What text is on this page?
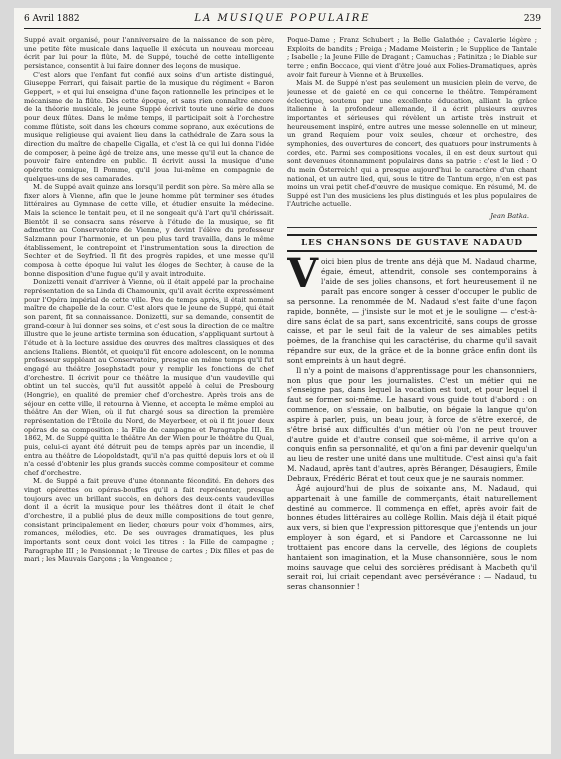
6 Avril 1882	LA MUSIQUE POPULAIRE	239

Suppé avait organisé, pour l'anniversaire de la naissance de son père, une petite fête musicale dans laquelle il exécuta un nouveau morceau écrit par lui pour la flûte, M. de Suppé, touché de cette intelligente persistance, consentit à lui faire donner des leçons de musique.

C'est alors que l'enfant fut confié aux soins d'un artiste distingué, Giuseppe Ferrari, qui faisait partie de la musique du régiment « Baron Geppert, » et qui lui enseigna d'une façon rationnelle les principes et le mécanisme de la flûte. Dès cette époque, et sans rien connaître encore de la théorie musicale, le jeune Suppé écrivit toute une série de duos pour deux flûtes. Dans le même temps, il participait soit à l'orchestre comme flûtiste, soit dans les chœurs comme soprano, aux exécutions de musique religieuse qui avaient lieu dans la cathédrale de Zara sous la direction du maître de chapelle Cigalla, et c'est là ce qui lui donna l'idée de composer, à peine âgé de treize ans, une messe qu'il eut la chance de pouvoir faire entendre en public. Il écrivit aussi la musique d'une opérette comique, Il Pomme, qu'il joua lui-même en compagnie de quelques-uns de ses camarades.

M. de Suppé avait quinze ans lorsqu'il perdit son père. Sa mère alla se fixer alors à Vienne, afin que le jeune homme pût terminer ses études littéraires au Gymnase de cette ville, et étudier ensuite la médecine. Mais la science le tentait peu, et il ne songeait qu'à l'art qu'il chérissait. Bientôt il se consacra sans réserve à l'étude de la musique, se fit admettre au Conservatoire de Vienne, y devint l'élève du professeur Salzmann pour l'harmonie, et un peu plus tard travailla, dans le même établissement, le contrepoint et l'instrumentation sous la direction de Sechter et de Seyfried. Il fit des progrès rapides, et une messe qu'il composa à cette époque lui valut les éloges de Sechter, à cause de la bonne disposition d'une fugue qu'il y avait introduite.

Donizetti venait d'arriver à Vienne, où il était appelé par la prochaine représentation de sa Linda di Chamounix, qu'il avait écrite expressément pour l'Opéra impérial de cette ville. Peu de temps après, il était nommé maître de chapelle de la cour. C'est alors que le jeune de Suppé, qui était son parent, fit sa connaissance. Donizetti, sur sa demande, consentit de grand-cœur à lui donner ses soins, et c'est sous la direction de ce maître illustre que le jeune artiste termina son éducation, s'appliquant surtout à l'étude et à la lecture assidue des œuvres des maîtres classiques et des anciens Italiens. Bientôt, et quoiqu'il fût encore adolescent, on le nomma professeur suppléant au Conservatoire, presque en même temps qu'il fut engagé au théâtre Josephstadt pour y remplir les fonctions de chef d'orchestre. Il écrivit pour ce théâtre la musique d'un vaudeville qui obtint un tel succès, qu'il fut aussitôt appelé à celui de Presbourg (Hongrie), en qualité de premier chef d'orchestre. Après trois ans de séjour en cette ville, il retourna à Vienne, et accepta le même emploi au théâtre An der Wien, où il fut chargé sous sa direction la première représentation de l'Étoile du Nord, de Meyerbeer, et où il fit jouer deux opéras de sa composition : la Fille de campagne et Paragraphe III. En 1862, M. de Suppé quitta le théâtre An der Wien pour le théâtre du Quai, puis, celui-ci ayant été détruit peu de temps après par un incendie, il entra au théâtre de Léopoldstadt, qu'il n'a pas quitté depuis lors et où il n'a cessé d'obtenir les plus grands succès comme compositeur et comme chef d'orchestre.

M. de Suppé a fait preuve d'une étonnante fécondité. En dehors des vingt opérettes ou opéras-bouffes qu'il a fait représenter, presque toujours avec un brillant succès, en dehors des deux-cents vaudevilles dont il a écrit la musique pour les théâtres dont il était le chef d'orchestre, il a publié plus de deux mille compositions de tout genre, consistant principalement en lieder, chœurs pour voix d'hommes, airs, romances, mélodies, etc. De ses ouvrages dramatiques, les plus importants sont ceux dont voici les titres : la Fille de campagne ; Paragraphe III ; le Pensionnat ; le Tireuse de cartes ; Dix filles et pas de mari ; les Mauvais Garçons ; la Vengeance ;

Poque-Dame ; Franz Schubert ; la Belle Galathée ; Cavalerie légère ; Exploits de bandits ; Freiga ; Madame Meisterin ; le Supplice de Tantale ; Isabelle ; la Jeune Fille de Dragant ; Camuchas ; Fatinitza ; le Diable sur terre ; enfin Boccace, qui vient d'être joué aux Folies-Dramatiques, après avoir fait fureur à Vienne et à Bruxelles.

Mais M. de Suppé n'est pas seulement un musicien plein de verve, de jeunesse et de gaieté en ce qui concerne le théâtre. Tempérament éclectique, soutenu par une excellente éducation, alliant la grâce italienne à la profondeur allemande, il a écrit plusieurs œuvres importantes et sérieuses qui révèlent un artiste très instruit et heureusement inspiré, entre autres une messe solennelle en ut mineur, un grand Requiem pour voix seules, chœur et orchestre, des symphonies, des ouvertures de concert, des quatuors pour instruments à cordes, etc. Parmi ses compositions vocales, il en est deux surtout qui sont devenues étonnamment populaires dans sa patrie : c'est le lied : O du mein Österreich! qui a presque aujourd'hui le caractère d'un chant national, et un autre lied, qui, sous le titre de Tantum ergo, n'en est pas moins un vrai petit chef-d'œuvre de musique comique. En résumé, M. de Suppé est l'un des musiciens les plus distingués et les plus populaires de l'Autriche actuelle.

Jean Batka.
LES CHANSONS DE GUSTAVE NADAUD
Voici bien plus de trente ans déjà que M. Nadaud charme, égaie, émeut, attendrit, console ses contemporains à l'aide de ses jolies chansons, et fort heureusement il ne paraît pas encore songer à cesser d'occuper le public de sa personne. La renommée de M. Nadaud s'est faite d'une façon rapide, bonnête, — j'insiste sur le mot et je le souligne — c'est-à-dire sans éclat de sa part, sans excentricité, sans coups de grosse caisse, et par le seul fait de la valeur de ses aimables petits poèmes, de la franchise qui les caractérise, du charme qu'il savait répandre sur eux, de la grâce et de la bonne grâce enfin dont ils sont empreints à un haut degré.

Il n'y a point de maisons d'apprentissage pour les chansonniers, non plus que pour les journalistes. C'est un métier qui ne s'enseigne pas, dans lequel la vocation est tout, et pour lequel il faut se former soi-même. Le hasard vous guide tout d'abord : on commence, on s'essaie, on balbutie, on bégaie la langue qu'on aspire à parler, puis, un beau jour, à force de s'être exercé, de s'être brisé aux difficultés d'un métier où l'on ne peut trouver d'autre guide et d'autre conseil que soi-même, il arrive qu'on a conquis enfin sa personnalité, et qu'on a fini par devenir quelqu'un au lieu de rester une unité dans une multitude. C'est ainsi qu'a fait M. Nadaud, après tant d'autres, après Béranger, Désaugiers, Émile Debraux, Frédéric Bérat et tout ceux que je ne saurais nommer.

Âgé aujourd'hui de plus de soixante ans, M. Nadaud, qui appartenait à une famille de commerçants, était naturellement destiné au commerce. Il commença en effet, après avoir fait de bonnes études littéraires au collège Rollin. Mais déjà il était piqué aux vers, si bien que l'expression pittoresque que j'entends un jour employer à son égard, et si Pandore et Carcassonne ne lui trottaient pas encore dans la cervelle, des légions de couplets hantaient son imagination, et la Muse chansonnière, sous le nom moins sauvage que celui des sorcières prédisant à Macbeth qu'il serait roi, lui criait cependant avec persévérance : — Nadaud, tu seras chansonnier !
